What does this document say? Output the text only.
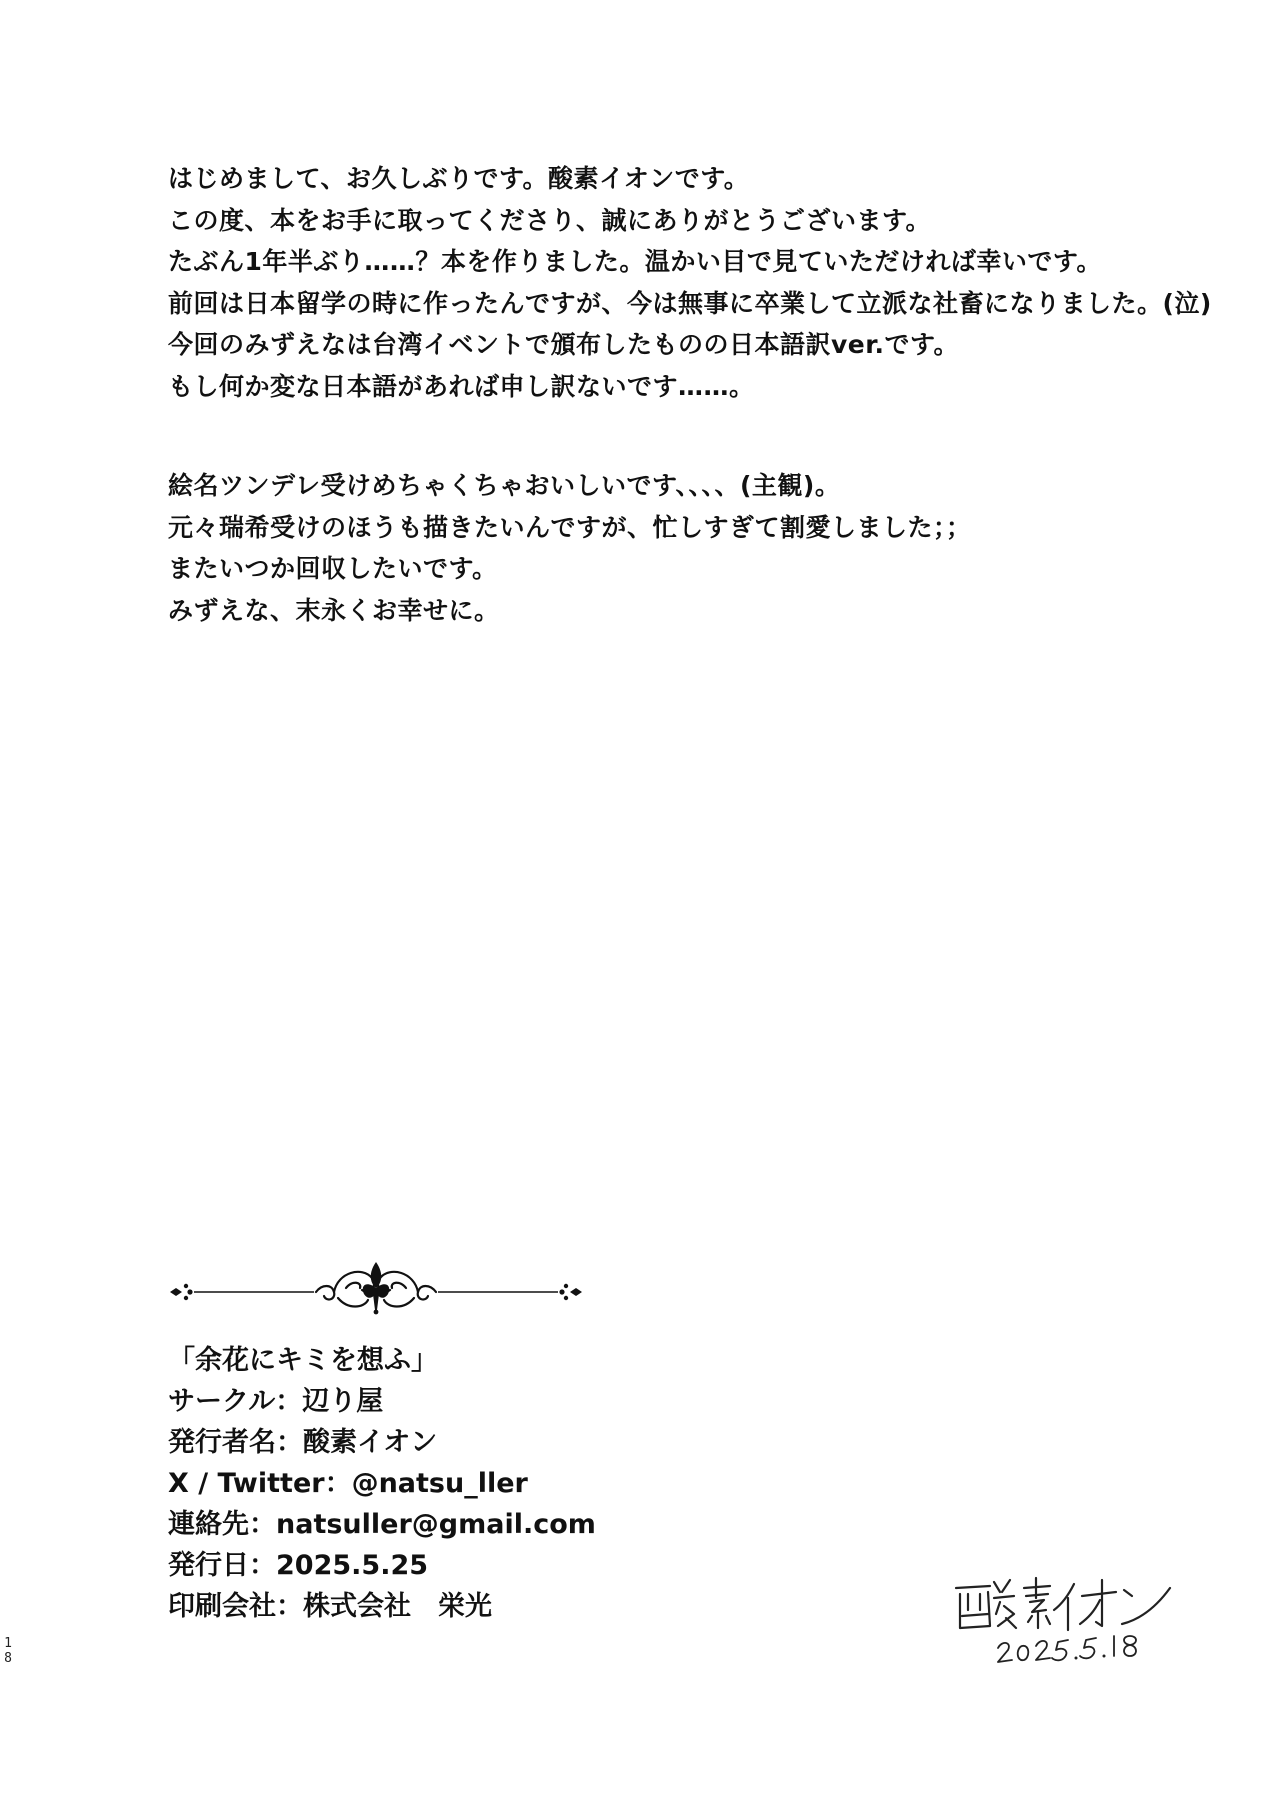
はじめまして、お久しぶりです。酸素イオンです。

この度、本をお手に取ってくださり、誠にありがとうございます。

たぶん1年半ぶり……？本を作りました。温かい目で見ていただければ幸いです。

前回は日本留学の時に作ったんですが、今は無事に卒業して立派な社畜になりました。(泣)

今回のみずえなは台湾イベントで頒布したものの日本語訳ver.です。

もし何か変な日本語があれば申し訳ないです……。

絵名ツンデレ受けめちゃくちゃおいしいです、、、、(主観)。

元々瑞希受けのほうも描きたいんですが、忙しすぎて割愛しました；；

またいつか回収したいです。

みずえな、末永くお幸せに。

「余花にキミを想ふ」

サークル：辺り屋

発行者名：酸素イオン

X / Twitter：@natsu_ller

連絡先：natsuller@gmail.com

発行日：2025.5.25

印刷会社：株式会社　栄光

1
8
